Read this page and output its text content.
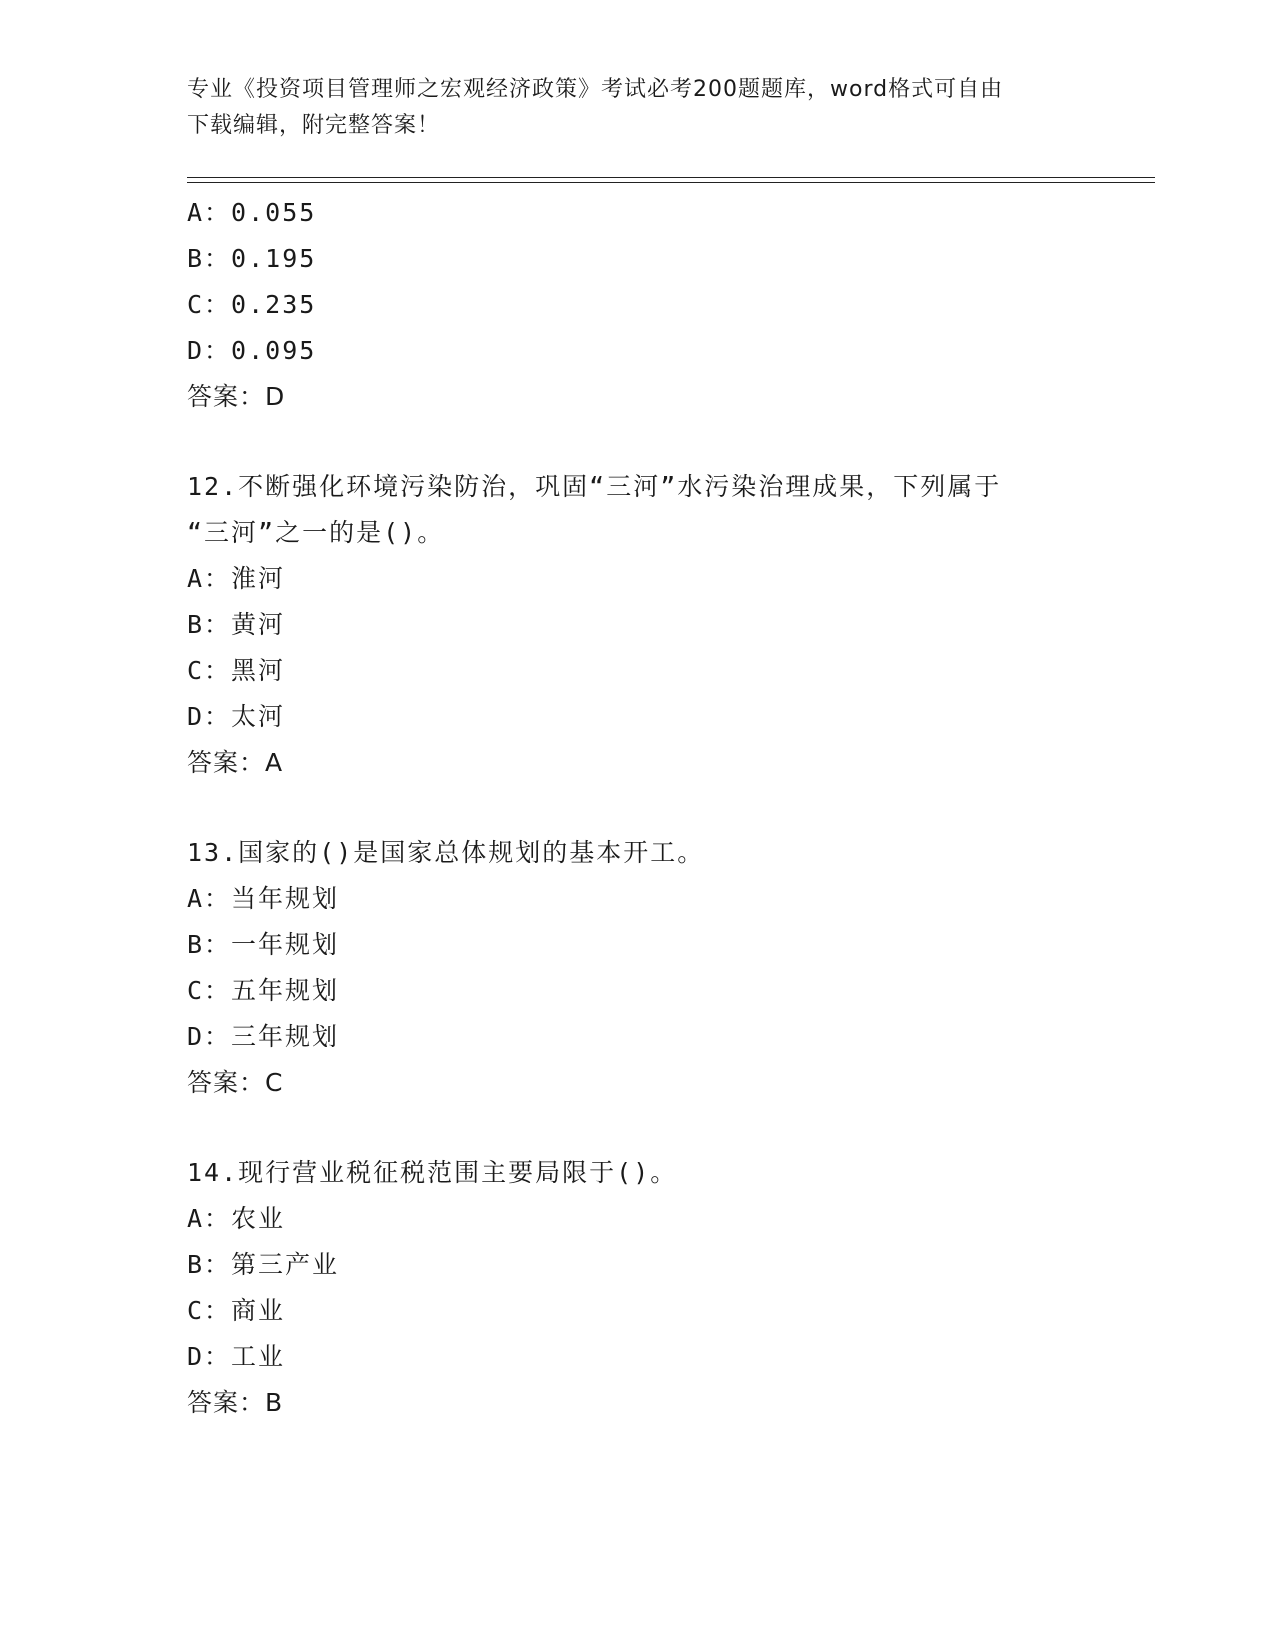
专业《投资项目管理师之宏观经济政策》考试必考200题题库，word格式可自由
下载编辑，附完整答案！
A：0.055
B：0.195
C：0.235
D：0.095
答案：D
12.不断强化环境污染防治，巩固“三河”水污染治理成果，下列属于
“三河”之一的是()。
A：淮河
B：黄河
C：黑河
D：太河
答案：A
13.国家的()是国家总体规划的基本开工。
A：当年规划
B：一年规划
C：五年规划
D：三年规划
答案：C
14.现行营业税征税范围主要局限于()。
A：农业
B：第三产业
C：商业
D：工业
答案：B
